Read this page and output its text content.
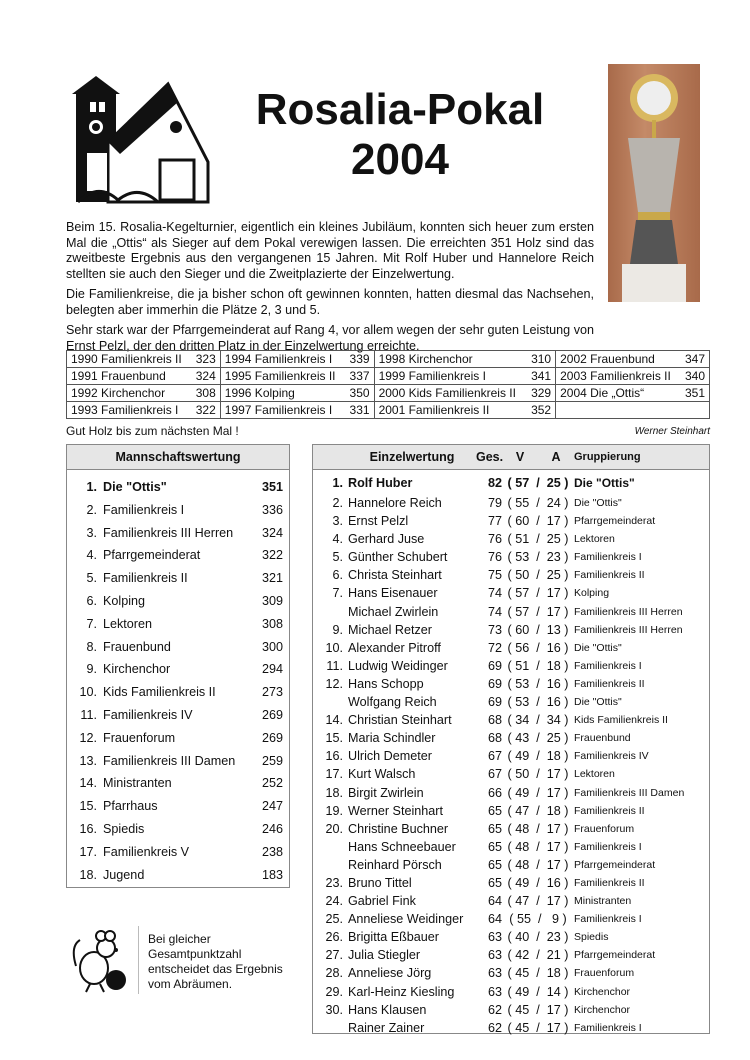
Rosalia-Pokal
2004

Beim 15. Rosalia-Kegelturnier, eigentlich ein kleines Jubiläum, konnten sich heuer zum ersten Mal die „Ottis“ als Sieger auf dem Pokal verewigen lassen. Die erreichten 351 Holz sind das zweitbeste Ergebnis aus den vergangenen 15 Jahren. Mit Rolf Huber und Hannelore Reich stellten sie auch den Sieger und die Zweitplazierte der Einzelwertung.

Die Familienkreise, die ja bisher schon oft gewinnen konnten, hatten diesmal das Nachsehen, belegten aber immerhin die Plätze 2, 3 und 5.

Sehr stark war der Pfarrgemeinderat auf Rang 4, vor allem wegen der sehr guten Leistung von Ernst Pelzl, der den dritten Platz in der Einzelwertung erreichte.

1990 Familienkreis II	323	1994 Familienkreis I	339	1998 Kirchenchor	310	2002 Frauenbund	347
1991 Frauenbund	324	1995 Familienkreis II	337	1999 Familienkreis I	341	2003 Familienkreis II	340
1992 Kirchenchor	308	1996 Kolping	350	2000 Kids Familienkreis II	329	2004 Die „Ottis“	351
1993 Familienkreis I	322	1997 Familienkreis I	331	2001 Familienkreis II	352		
Gut Holz bis zum nächsten Mal !	Werner Steinhart
Mannschaftswertung
1. Die "Ottis"	351
2. Familienkreis I	336
3. Familienkreis III Herren	324
4. Pfarrgemeinderat	322
5. Familienkreis II	321
6. Kolping	309
7. Lektoren	308
8. Frauenbund	300
9. Kirchenchor	294
10. Kids Familienkreis II	273
11. Familienkreis IV	269
12. Frauenforum	269
13. Familienkreis III Damen	259
14. Ministranten	252
15. Pfarrhaus	247
16. Spiedis	246
17. Familienkreis V	238
18. Jugend	183
Einzelwertung	Ges.	V	A	Gruppierung
1. Rolf Huber	82 ( 57  /  25 ) Die "Ottis"
2. Hannelore Reich	79 ( 55  /  24 ) Die "Ottis"
3. Ernst Pelzl	77 ( 60  /  17 ) Pfarrgemeinderat
4. Gerhard Juse	76 ( 51  /  25 ) Lektoren
5. Günther Schubert	76 ( 53  /  23 ) Familienkreis I
6. Christa Steinhart	75 ( 50  /  25 ) Familienkreis II
7. Hans Eisenauer	74 ( 57  /  17 ) Kolping
Michael Zwirlein	74 ( 57  /  17 ) Familienkreis III Herren
9. Michael Retzer	73 ( 60  /  13 ) Familienkreis III Herren
10. Alexander Pitroff	72 ( 56  /  16 ) Die "Ottis"
11. Ludwig Weidinger	69 ( 51  /  18 ) Familienkreis I
12. Hans Schopp	69 ( 53  /  16 ) Familienkreis II
Wolfgang Reich	69 ( 53  /  16 ) Die "Ottis"
14. Christian Steinhart	68 ( 34  /  34 ) Kids Familienkreis II
15. Maria Schindler	68 ( 43  /  25 ) Frauenbund
16. Ulrich Demeter	67 ( 49  /  18 ) Familienkreis IV
17. Kurt Walsch	67 ( 50  /  17 ) Lektoren
18. Birgit Zwirlein	66 ( 49  /  17 ) Familienkreis III Damen
19. Werner Steinhart	65 ( 47  /  18 ) Familienkreis II
20. Christine Buchner	65 ( 48  /  17 ) Frauenforum
Hans Schneebauer	65 ( 48  /  17 ) Familienkreis I
Reinhard Pörsch	65 ( 48  /  17 ) Pfarrgemeinderat
23. Bruno Tittel	65 ( 49  /  16 ) Familienkreis II
24. Gabriel Fink	64 ( 47  /  17 ) Ministranten
25. Anneliese Weidinger	64 ( 55  /   9 ) Familienkreis I
26. Brigitta Eßbauer	63 ( 40  /  23 ) Spiedis
27. Julia Stiegler	63 ( 42  /  21 ) Pfarrgemeinderat
28. Anneliese Jörg	63 ( 45  /  18 ) Frauenforum
29. Karl-Heinz Kiesling	63 ( 49  /  14 ) Kirchenchor
30. Hans Klausen	62 ( 45  /  17 ) Kirchenchor
Rainer Zainer	62 ( 45  /  17 ) Familienkreis I
Bei gleicher Gesamtpunktzahl entscheidet das Ergebnis vom Abräumen.
